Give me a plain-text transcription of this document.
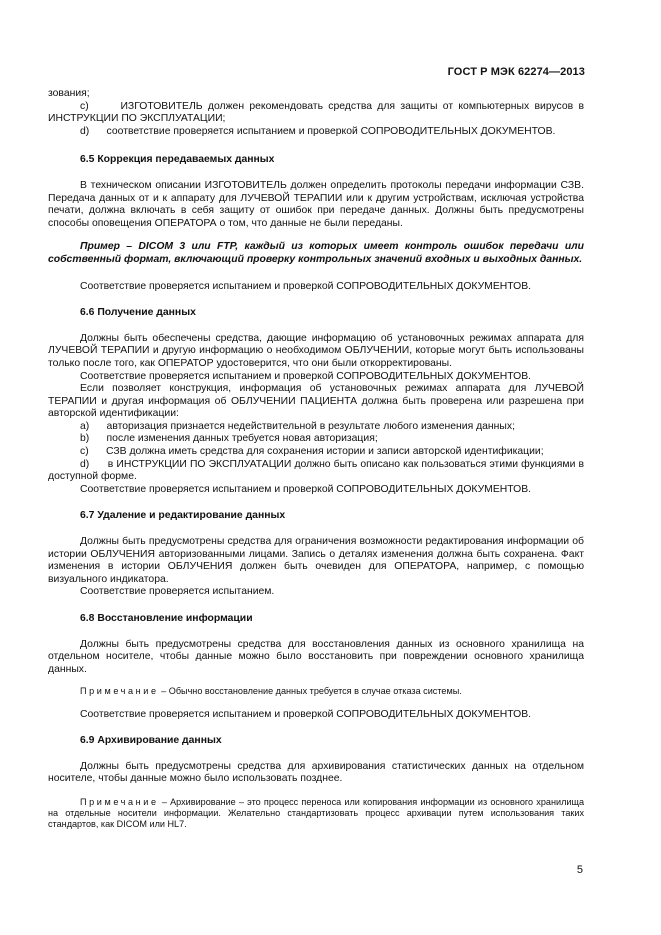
ГОСТ Р МЭК 62274—2013

зования;

c)      ИЗГОТОВИТЕЛЬ должен рекомендовать средства для защиты от компьютерных вирусов в ИНСТРУКЦИИ ПО ЭКСПЛУАТАЦИИ;

d)      соответствие проверяется испытанием и проверкой СОПРОВОДИТЕЛЬНЫХ ДОКУМЕНТОВ.

6.5 Коррекция передаваемых данных

В техническом описании ИЗГОТОВИТЕЛЬ должен определить протоколы передачи информации СЗВ. Передача данных от и к аппарату для ЛУЧЕВОЙ ТЕРАПИИ или к другим устройствам, исключая устройства печати, должна включать в себя защиту от ошибок при передаче данных. Должны быть предусмотрены способы оповещения ОПЕРАТОРА о том, что данные не были переданы.

Пример – DICOM 3 или FTP, каждый из которых имеет контроль ошибок передачи или собственный формат, включающий проверку контрольных значений входных и выходных данных.

Соответствие проверяется испытанием и проверкой СОПРОВОДИТЕЛЬНЫХ ДОКУМЕНТОВ.

6.6 Получение данных

Должны быть обеспечены средства, дающие информацию об установочных режимах аппарата для ЛУЧЕВОЙ ТЕРАПИИ и другую информацию о необходимом ОБЛУЧЕНИИ, которые могут быть использованы только после того, как ОПЕРАТОР удостоверится, что они были откорректированы.

Соответствие проверяется испытанием и проверкой СОПРОВОДИТЕЛЬНЫХ ДОКУМЕНТОВ.

Если позволяет конструкция, информация об установочных режимах аппарата для ЛУЧЕВОЙ ТЕРАПИИ и другая информация об ОБЛУЧЕНИИ ПАЦИЕНТА должна быть проверена или разрешена при авторской идентификации:

a)      авторизация признается недействительной в результате любого изменения данных;

b)      после изменения данных требуется новая авторизация;

c)      СЗВ должна иметь средства для сохранения истории и записи авторской идентификации;

d)      в ИНСТРУКЦИИ ПО ЭКСПЛУАТАЦИИ должно быть описано как пользоваться этими функциями в доступной форме.

Соответствие проверяется испытанием и проверкой СОПРОВОДИТЕЛЬНЫХ ДОКУМЕНТОВ.

6.7 Удаление и редактирование данных

Должны быть предусмотрены средства для ограничения возможности редактирования информации об истории ОБЛУЧЕНИЯ авторизованными лицами. Запись о деталях изменения должна быть сохранена. Факт изменения в истории ОБЛУЧЕНИЯ должен быть очевиден для ОПЕРАТОРА, например, с помощью визуального индикатора.

Соответствие проверяется испытанием.

6.8 Восстановление информации

Должны быть предусмотрены средства для восстановления данных из основного хранилища на отдельном носителе, чтобы данные можно было восстановить при повреждении основного хранилища данных.

Примечание – Обычно восстановление данных требуется в случае отказа системы.

Соответствие проверяется испытанием и проверкой СОПРОВОДИТЕЛЬНЫХ ДОКУМЕНТОВ.

6.9 Архивирование данных

Должны быть предусмотрены средства для архивирования статистических данных на отдельном носителе, чтобы данные можно было использовать позднее.

Примечание – Архивирование – это процесс переноса или копирования информации из основного хранилища на отдельные носители информации. Желательно стандартизовать процесс архивации путем использования таких стандартов, как DICOM или HL7.

5
